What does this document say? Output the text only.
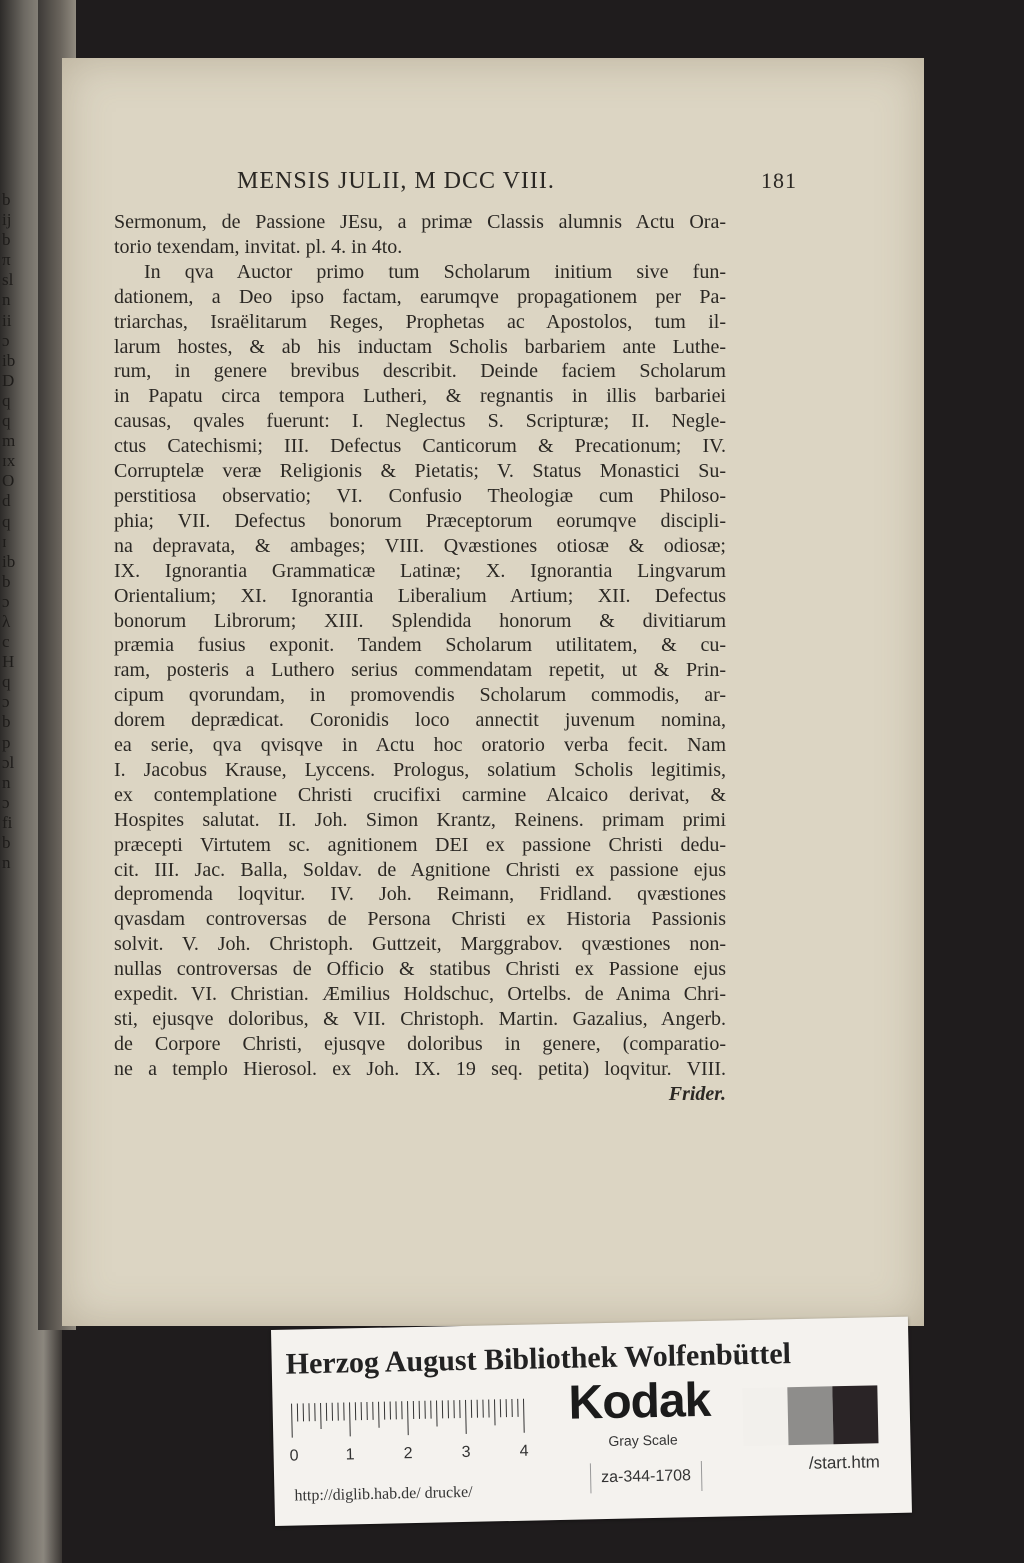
b
ij
b
π
sl
n
ii
ɔ
ib
D
q
q
m
ɪx
O
d
q
ɪ
ib
b
ɔ
λ
c
H
q
ɔ
b
p
ɔl
n
ɔ
fi
b
n
MENSIS JULII, M DCC VIII.	181
Sermonum, de Passione JEsu, a primæ Classis alumnis Actu Ora-
torio texendam, invitat. pl. 4. in 4to.
In qva Auctor primo tum Scholarum initium sive fun-
dationem, a Deo ipso factam, earumqve propagationem per Pa-
triarchas, Israëlitarum Reges, Prophetas ac Apostolos, tum il-
larum hostes, & ab his inductam Scholis barbariem ante Luthe-
rum, in genere brevibus describit. Deinde faciem Scholarum
in Papatu circa tempora Lutheri, & regnantis in illis barbariei
causas, qvales fuerunt: I. Neglectus S. Scripturæ; II. Negle-
ctus Catechismi; III. Defectus Canticorum & Precationum; IV.
Corruptelæ veræ Religionis & Pietatis; V. Status Monastici Su-
perstitiosa observatio; VI. Confusio Theologiæ cum Philoso-
phia; VII. Defectus bonorum Præceptorum eorumqve discipli-
na depravata, & ambages; VIII. Qvæstiones otiosæ & odiosæ;
IX. Ignorantia Grammaticæ Latinæ; X. Ignorantia Lingvarum
Orientalium; XI. Ignorantia Liberalium Artium; XII. Defectus
bonorum Librorum; XIII. Splendida honorum & divitiarum
præmia fusius exponit. Tandem Scholarum utilitatem, & cu-
ram, posteris a Luthero serius commendatam repetit, ut & Prin-
cipum qvorundam, in promovendis Scholarum commodis, ar-
dorem deprædicat. Coronidis loco annectit juvenum nomina,
ea serie, qva qvisqve in Actu hoc oratorio verba fecit. Nam
I. Jacobus Krause, Lyccens. Prologus, solatium Scholis legitimis,
ex contemplatione Christi crucifixi carmine Alcaico derivat, &
Hospites salutat. II. Joh. Simon Krantz, Reinens. primam primi
præcepti Virtutem sc. agnitionem DEI ex passione Christi dedu-
cit. III. Jac. Balla, Soldav. de Agnitione Christi ex passione ejus
depromenda loqvitur. IV. Joh. Reimann, Fridland. qvæstiones
qvasdam controversas de Persona Christi ex Historia Passionis
solvit. V. Joh. Christoph. Guttzeit, Marggrabov. qvæstiones non-
nullas controversas de Officio & statibus Christi ex Passione ejus
expedit. VI. Christian. Æmilius Holdschuc, Ortelbs. de Anima Chri-
sti, ejusqve doloribus, & VII. Christoph. Martin. Gazalius, Angerb.
de Corpore Christi, ejusqve doloribus in genere, (comparatio-
ne a templo Hierosol. ex Joh. IX. 19 seq. petita) loqvitur. VIII.
Frider.
Herzog August Bibliothek Wolfenbüttel
0	1	2	3	4
Kodak
Gray Scale
http://diglib.hab.de/ drucke/
za-344-1708
/start.htm
